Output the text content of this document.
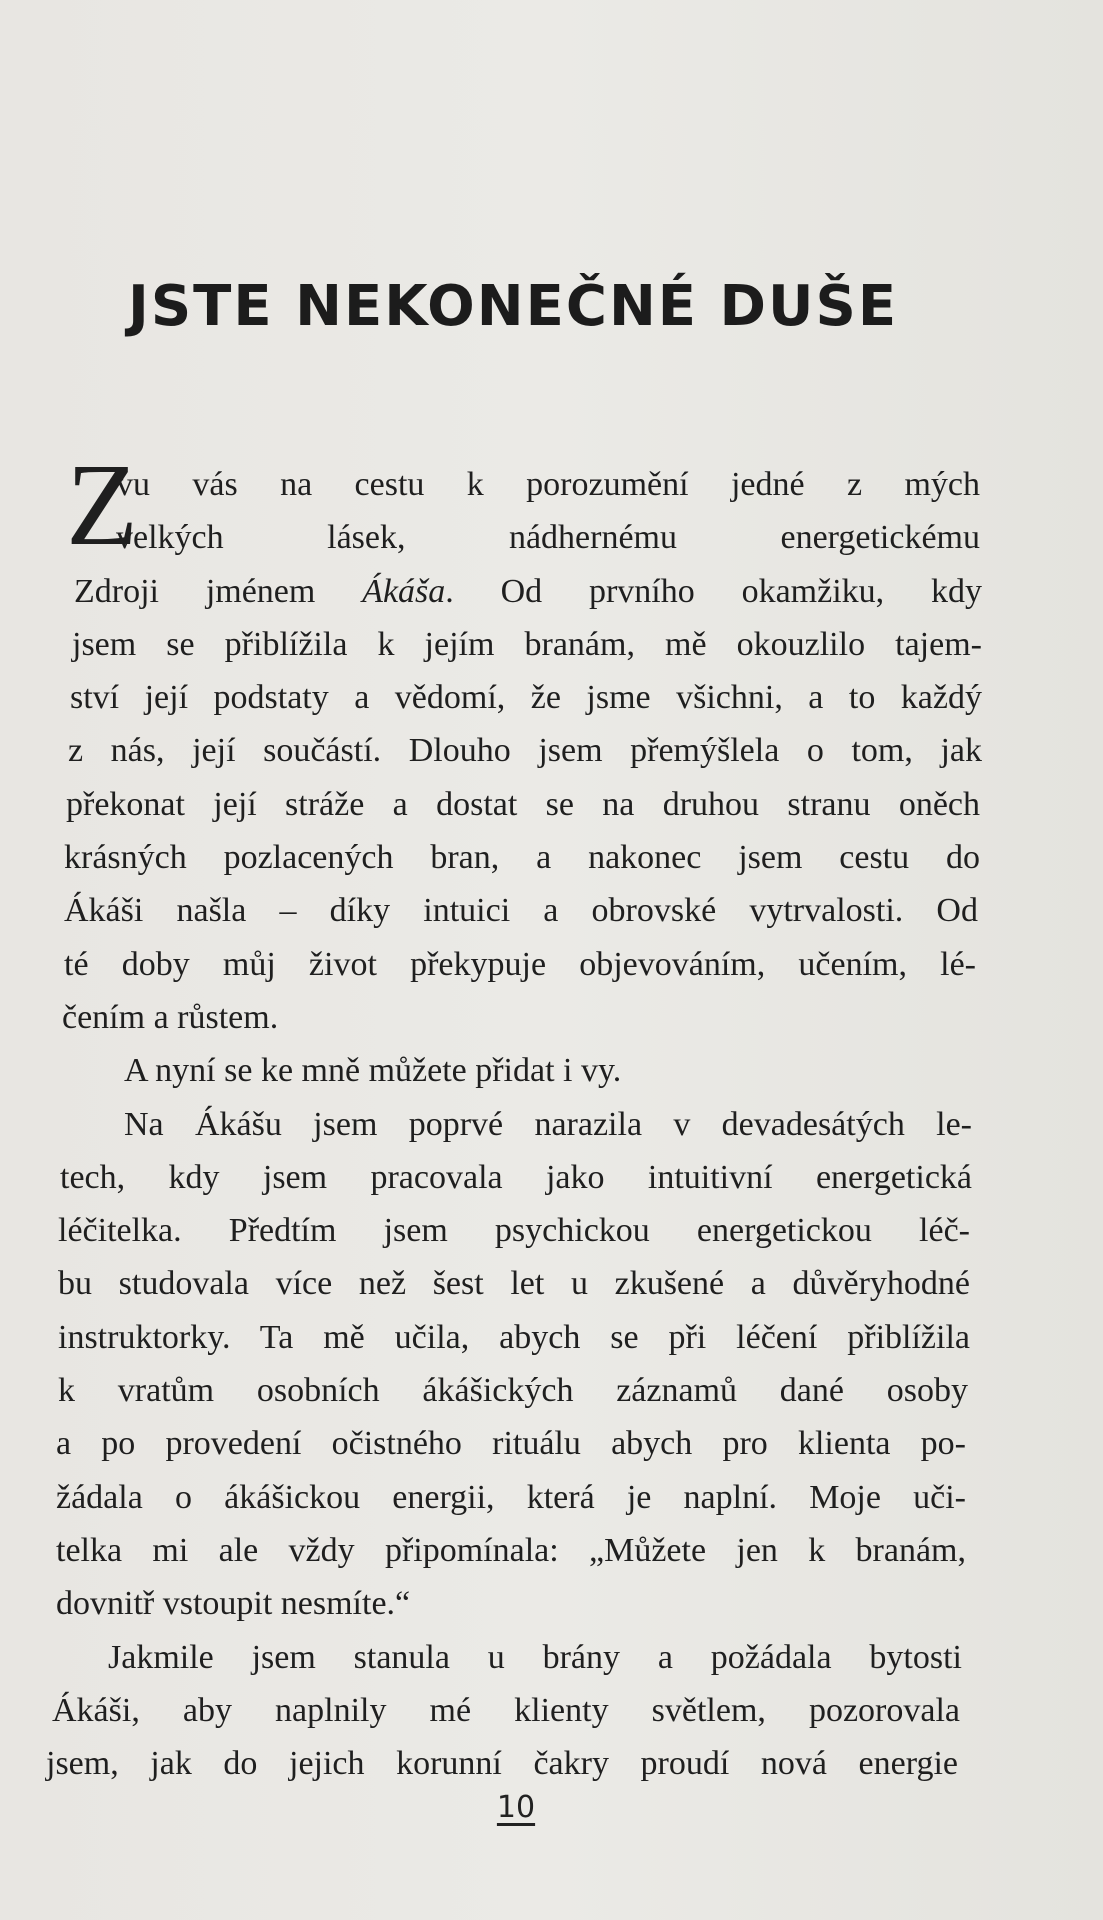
JSTE NEKONEČNÉ DUŠE
vu vás na cestu k porozumění jedné z mých
velkých lásek, nádhernému energetickému
Zdroji jménem Ákáša. Od prvního okamžiku, kdy
jsem se přiblížila k jejím branám, mě okouzlilo tajem-
ství její podstaty a vědomí, že jsme všichni, a to každý
z nás, její součástí. Dlouho jsem přemýšlela o tom, jak
překonat její stráže a dostat se na druhou stranu oněch
krásných pozlacených bran, a nakonec jsem cestu do
Ákáši našla – díky intuici a obrovské vytrvalosti. Od
té doby můj život překypuje objevováním, učením, lé-
čením a růstem.
A nyní se ke mně můžete přidat i vy.
Na Ákášu jsem poprvé narazila v devadesátých le-
tech, kdy jsem pracovala jako intuitivní energetická
léčitelka. Předtím jsem psychickou energetickou léč-
bu studovala více než šest let u zkušené a důvěryhodné
instruktorky. Ta mě učila, abych se při léčení přiblížila
k vratům osobních ákášických záznamů dané osoby
a po provedení očistného rituálu abych pro klienta po-
žádala o ákášickou energii, která je naplní. Moje uči-
telka mi ale vždy připomínala: „Můžete jen k branám,
dovnitř vstoupit nesmíte.“
Jakmile jsem stanula u brány a požádala bytosti
Ákáši, aby naplnily mé klienty světlem, pozorovala
jsem, jak do jejich korunní čakry proudí nová energie
Z
10
